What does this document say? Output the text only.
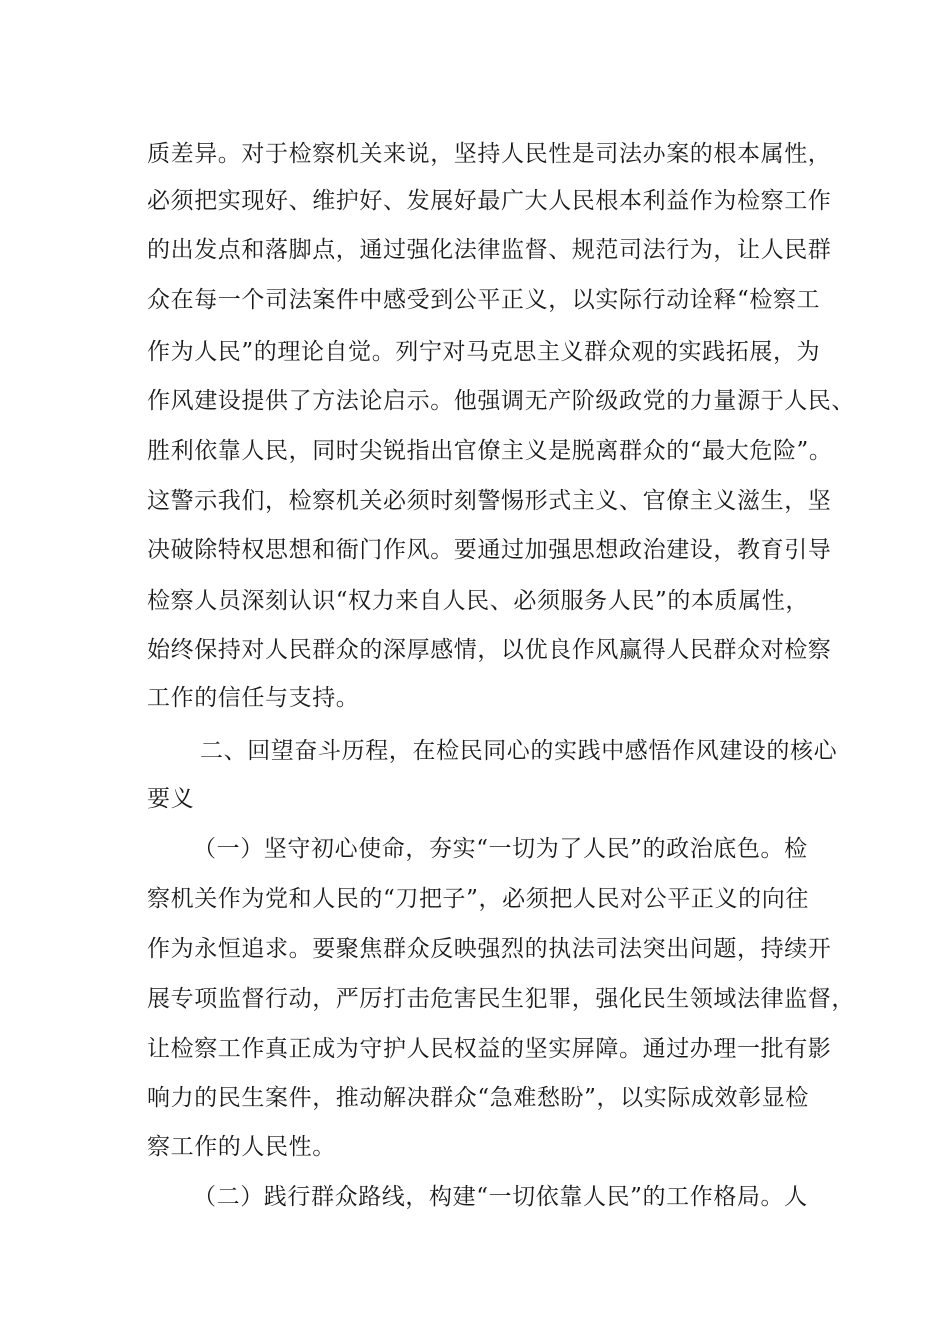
质差异。对于检察机关来说，坚持人民性是司法办案的根本属性，
必须把实现好、维护好、发展好最广大人民根本利益作为检察工作
的出发点和落脚点，通过强化法律监督、规范司法行为，让人民群
众在每一个司法案件中感受到公平正义，以实际行动诠释“检察工
作为人民”的理论自觉。列宁对马克思主义群众观的实践拓展，为
作风建设提供了方法论启示。他强调无产阶级政党的力量源于人民、
胜利依靠人民，同时尖锐指出官僚主义是脱离群众的“最大危险”。
这警示我们，检察机关必须时刻警惕形式主义、官僚主义滋生，坚
决破除特权思想和衙门作风。要通过加强思想政治建设，教育引导
检察人员深刻认识“权力来自人民、必须服务人民”的本质属性，
始终保持对人民群众的深厚感情，以优良作风赢得人民群众对检察
工作的信任与支持。
二、回望奋斗历程，在检民同心的实践中感悟作风建设的核心
要义
（一）坚守初心使命，夯实“一切为了人民”的政治底色。检
察机关作为党和人民的“刀把子”，必须把人民对公平正义的向往
作为永恒追求。要聚焦群众反映强烈的执法司法突出问题，持续开
展专项监督行动，严厉打击危害民生犯罪，强化民生领域法律监督，
让检察工作真正成为守护人民权益的坚实屏障。通过办理一批有影
响力的民生案件，推动解决群众“急难愁盼”，以实际成效彰显检
察工作的人民性。
（二）践行群众路线，构建“一切依靠人民”的工作格局。人
